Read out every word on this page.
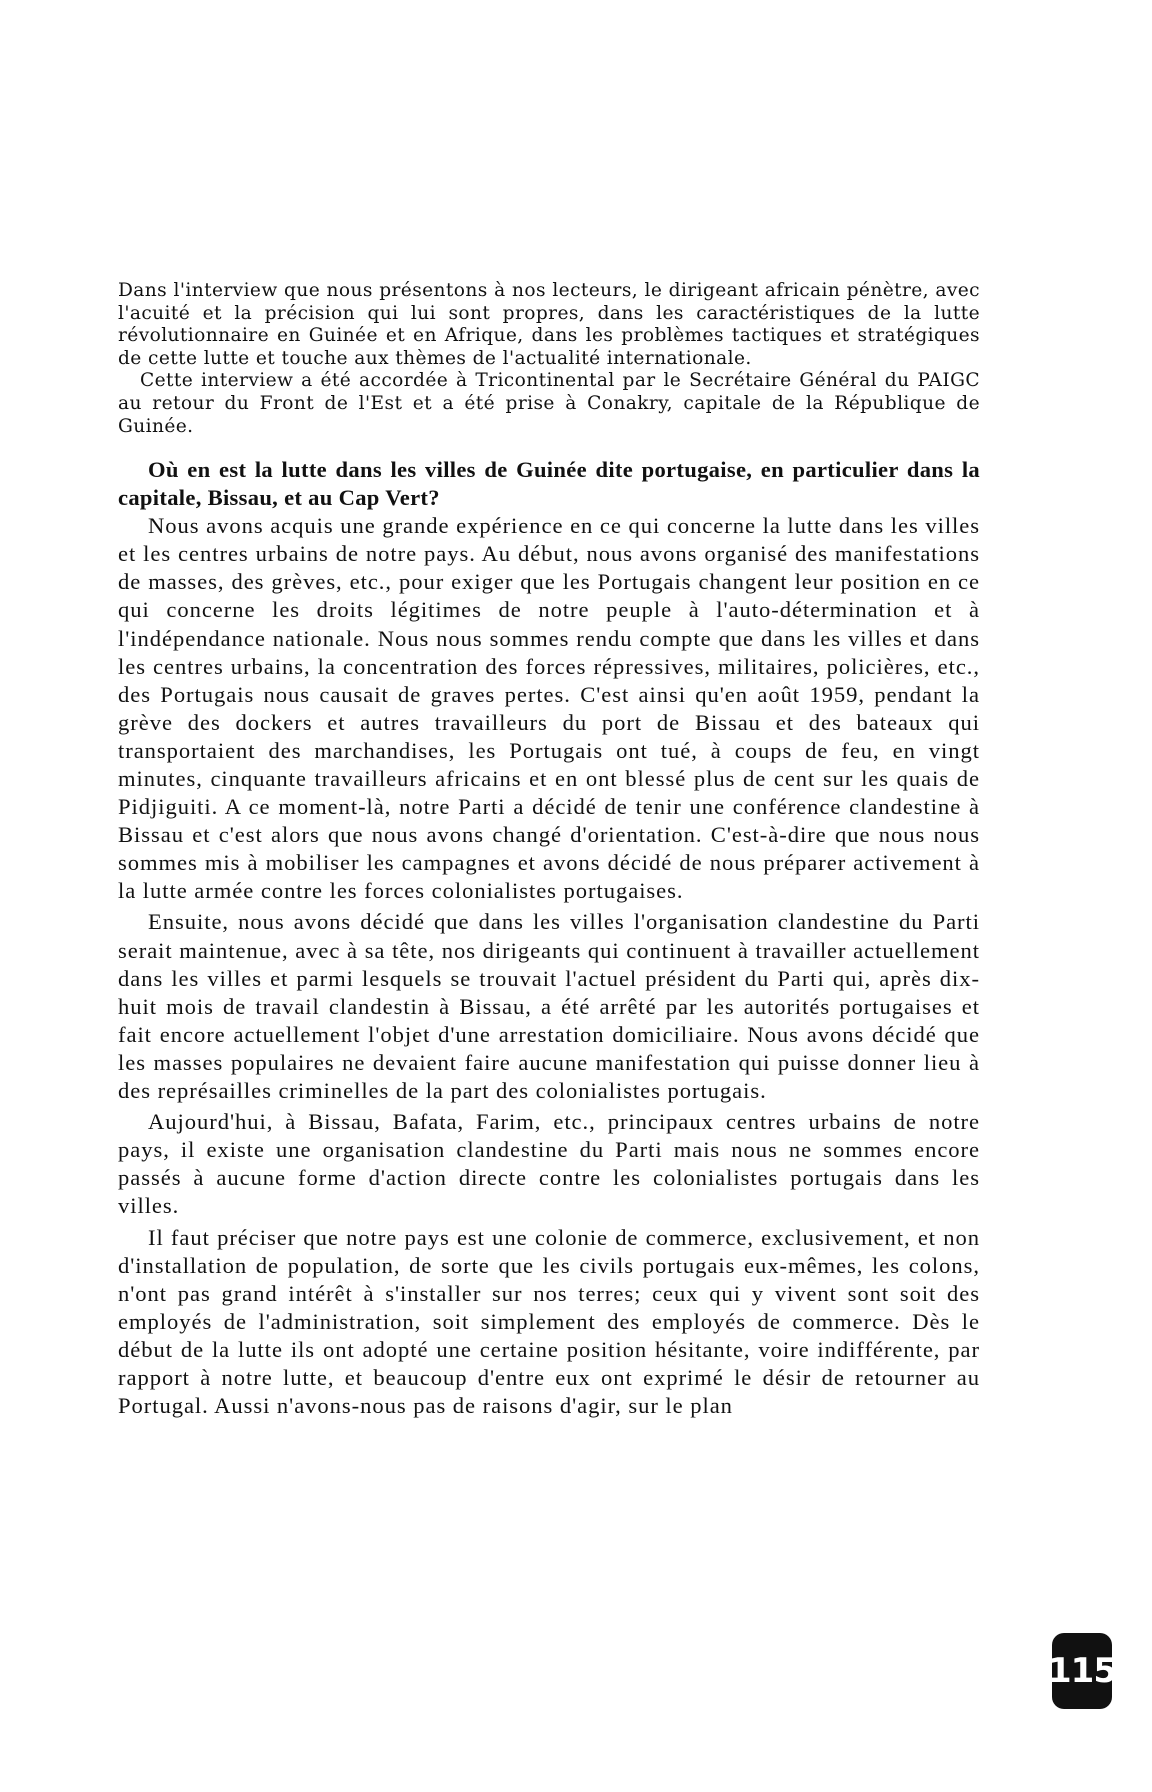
Dans l'interview que nous présentons à nos lecteurs, le dirigeant africain pénètre, avec l'acuité et la précision qui lui sont propres, dans les caractéristiques de la lutte révolutionnaire en Guinée et en Afrique, dans les problèmes tactiques et stratégiques de cette lutte et touche aux thèmes de l'actualité internationale.

Cette interview a été accordée à Tricontinental par le Secrétaire Général du PAIGC au retour du Front de l'Est et a été prise à Conakry, capitale de la République de Guinée.

Où en est la lutte dans les villes de Guinée dite portugaise, en particulier dans la capitale, Bissau, et au Cap Vert?

Nous avons acquis une grande expérience en ce qui concerne la lutte dans les villes et les centres urbains de notre pays. Au début, nous avons organisé des manifestations de masses, des grèves, etc., pour exiger que les Portugais changent leur position en ce qui concerne les droits légitimes de notre peuple à l'auto-détermination et à l'indépendance nationale. Nous nous sommes rendu compte que dans les villes et dans les centres urbains, la concentration des forces répressives, militaires, policières, etc., des Portugais nous causait de graves pertes. C'est ainsi qu'en août 1959, pendant la grève des dockers et autres travailleurs du port de Bissau et des bateaux qui transportaient des marchandises, les Portugais ont tué, à coups de feu, en vingt minutes, cinquante travailleurs africains et en ont blessé plus de cent sur les quais de Pidjiguiti. A ce moment-là, notre Parti a décidé de tenir une conférence clandestine à Bissau et c'est alors que nous avons changé d'orientation. C'est-à-dire que nous nous sommes mis à mobiliser les campagnes et avons décidé de nous préparer activement à la lutte armée contre les forces colonialistes portugaises.

Ensuite, nous avons décidé que dans les villes l'organisation clandestine du Parti serait maintenue, avec à sa tête, nos dirigeants qui continuent à travailler actuellement dans les villes et parmi lesquels se trouvait l'actuel président du Parti qui, après dix-huit mois de travail clandestin à Bissau, a été arrêté par les autorités portugaises et fait encore actuellement l'objet d'une arrestation domiciliaire. Nous avons décidé que les masses populaires ne devaient faire aucune manifestation qui puisse donner lieu à des représailles criminelles de la part des colonialistes portugais.

Aujourd'hui, à Bissau, Bafata, Farim, etc., principaux centres urbains de notre pays, il existe une organisation clandestine du Parti mais nous ne sommes encore passés à aucune forme d'action directe contre les colonialistes portugais dans les villes.

Il faut préciser que notre pays est une colonie de commerce, exclusivement, et non d'installation de population, de sorte que les civils portugais eux-mêmes, les colons, n'ont pas grand intérêt à s'installer sur nos terres; ceux qui y vivent sont soit des employés de l'administration, soit simplement des employés de commerce. Dès le début de la lutte ils ont adopté une certaine position hésitante, voire indifférente, par rapport à notre lutte, et beaucoup d'entre eux ont exprimé le désir de retourner au Portugal. Aussi n'avons-nous pas de raisons d'agir, sur le plan

115
